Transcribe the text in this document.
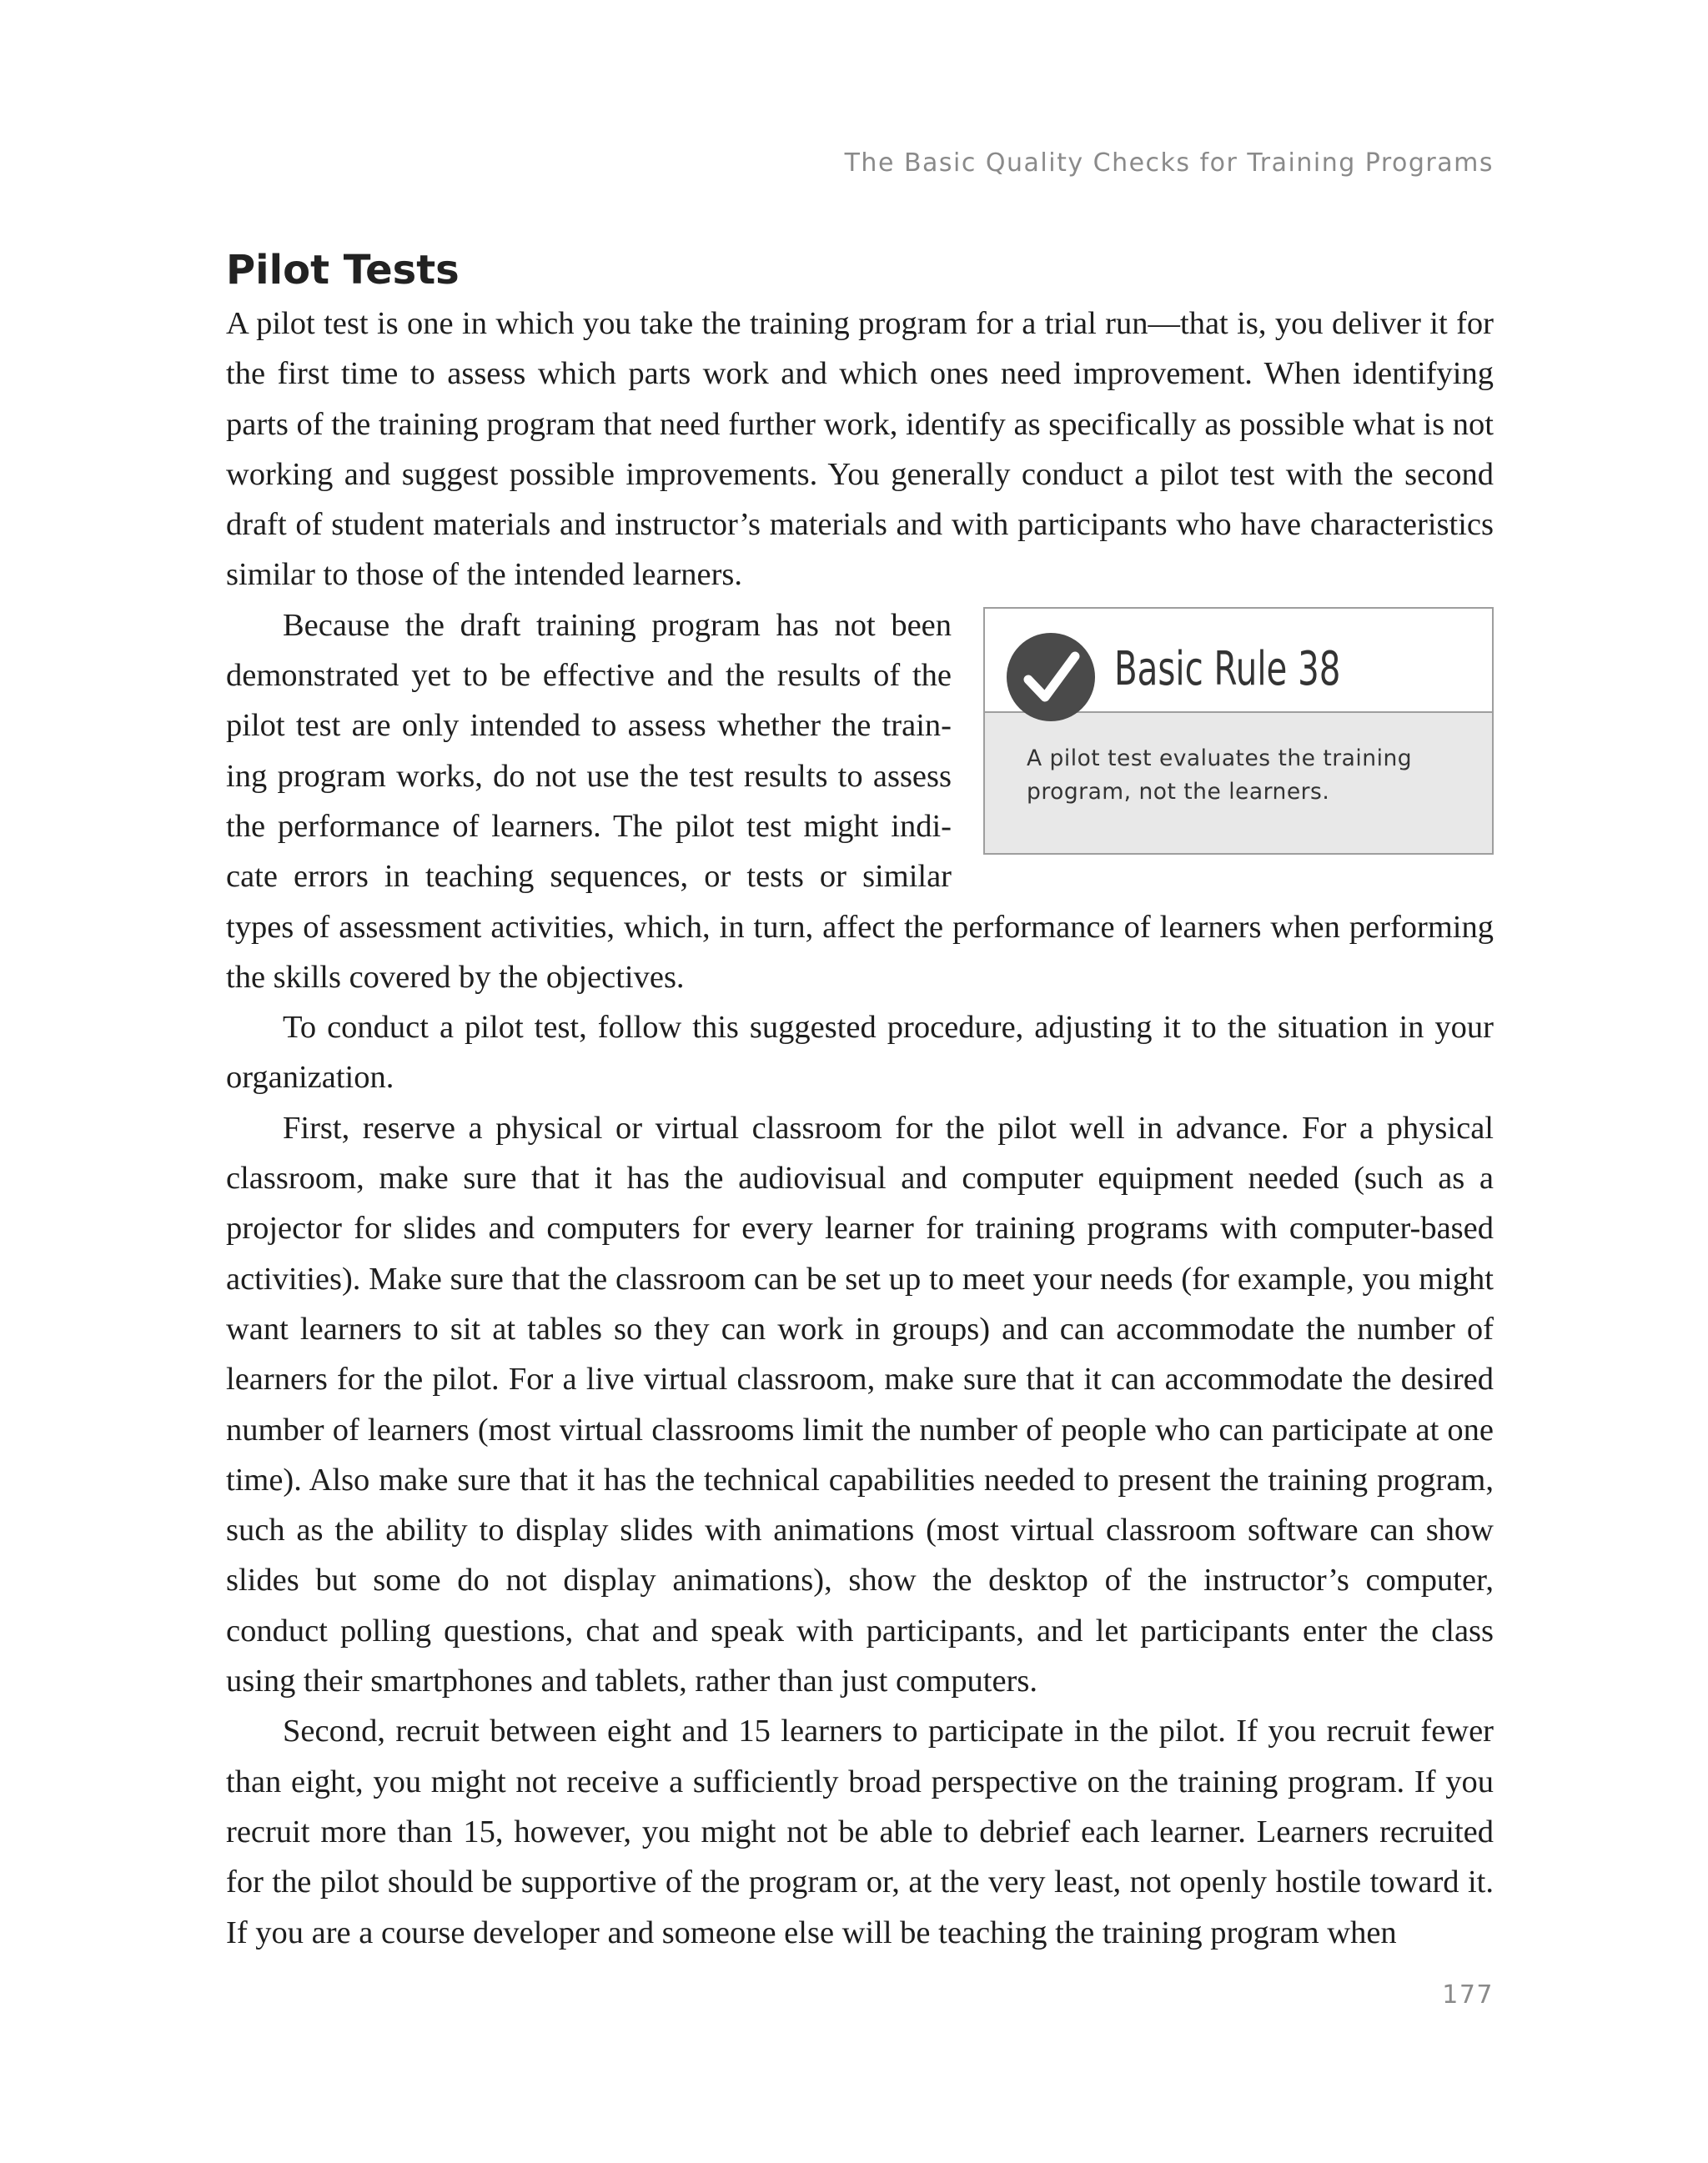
The Basic Quality Checks for Training Programs
Pilot Tests

A pilot test is one in which you take the training program for a trial run—that is, you deliver it for the first time to assess which parts work and which ones need improvement. When identifying parts of the training program that need further work, identify as specifically as possible what is not working and suggest possible improvements. You generally conduct a pilot test with the second draft of student materials and instructor’s materials and with participants who have characteristics similar to those of the intended learners.

Basic Rule 38
A pilot test evaluates the training program, not the learners.

Because the draft training program has not been demonstrated yet to be effective and the results of the pilot test are only intended to assess whether the training program works, do not use the test results to assess the performance of learners. The pilot test might indicate errors in teaching sequences, or tests or similar types of assessment activities, which, in turn, affect the performance of learners when performing the skills covered by the objectives.

To conduct a pilot test, follow this suggested procedure, adjusting it to the situation in your organization.

First, reserve a physical or virtual classroom for the pilot well in advance. For a physical classroom, make sure that it has the audiovisual and computer equipment needed (such as a projector for slides and computers for every learner for training programs with computer-based activities). Make sure that the classroom can be set up to meet your needs (for example, you might want learners to sit at tables so they can work in groups) and can accommodate the number of learners for the pilot. For a live virtual classroom, make sure that it can accommodate the desired number of learners (most virtual classrooms limit the number of people who can participate at one time). Also make sure that it has the technical capabilities needed to present the training program, such as the ability to display slides with animations (most virtual classroom software can show slides but some do not display animations), show the desktop of the instructor’s computer, conduct polling questions, chat and speak with participants, and let participants enter the class using their smartphones and tablets, rather than just computers.

Second, recruit between eight and 15 learners to participate in the pilot. If you recruit fewer than eight, you might not receive a sufficiently broad perspective on the training program. If you recruit more than 15, however, you might not be able to debrief each learner. Learners recruited for the pilot should be supportive of the program or, at the very least, not openly hostile toward it. If you are a course developer and someone else will be teaching the training program when

177
